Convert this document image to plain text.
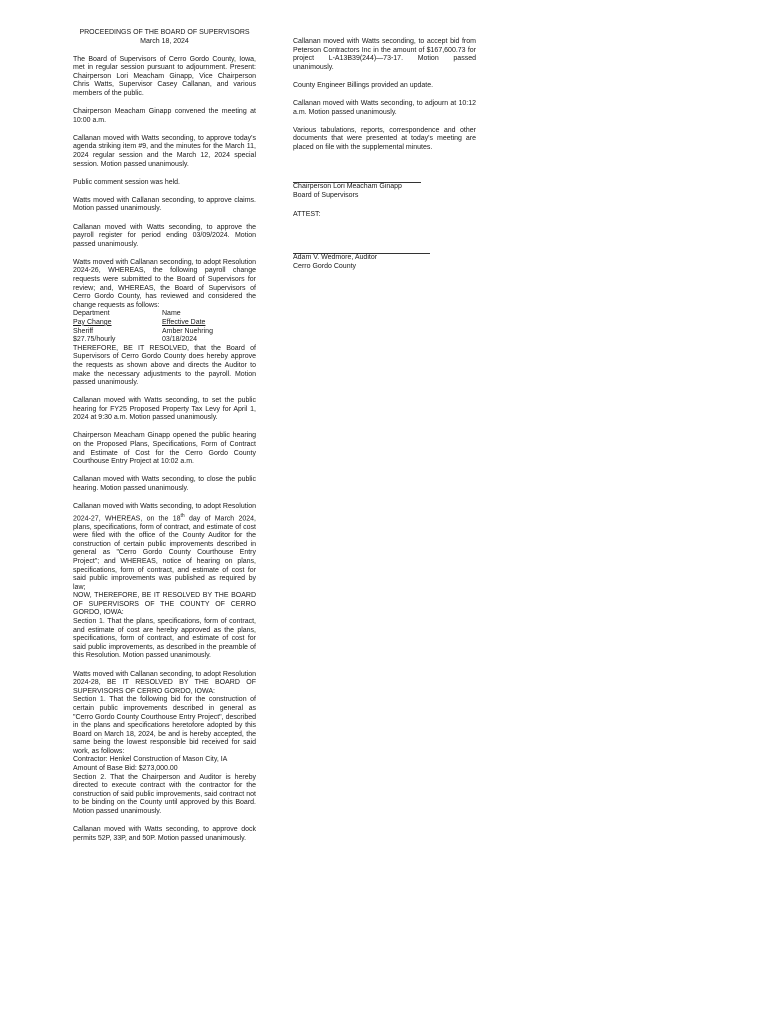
PROCEEDINGS OF THE BOARD OF SUPERVISORS
March 18, 2024

The Board of Supervisors of Cerro Gordo County, Iowa, met in regular session pursuant to adjournment. Present: Chairperson Lori Meacham Ginapp, Vice Chairperson Chris Watts, Supervisor Casey Callanan, and various members of the public.

Chairperson Meacham Ginapp convened the meeting at 10:00 a.m.

Callanan moved with Watts seconding, to approve today's agenda striking item #9, and the minutes for the March 11, 2024 regular session and the March 12, 2024 special session. Motion passed unanimously.

Public comment session was held.

Watts moved with Callanan seconding, to approve claims. Motion passed unanimously.

Callanan moved with Watts seconding, to approve the payroll register for period ending 03/09/2024. Motion passed unanimously.

Watts moved with Callanan seconding, to adopt Resolution 2024-26, WHEREAS, the following payroll change requests were submitted to the Board of Supervisors for review; and, WHEREAS, the Board of Supervisors of Cerro Gordo County, has reviewed and considered the change requests as follows:

Department	Name
Pay Change	Effective Date
Sheriff	Amber Nuehring
$27.75/hourly	03/18/2024

THEREFORE, BE IT RESOLVED, that the Board of Supervisors of Cerro Gordo County does hereby approve the requests as shown above and directs the Auditor to make the necessary adjustments to the payroll. Motion passed unanimously.

Callanan moved with Watts seconding, to set the public hearing for FY25 Proposed Property Tax Levy for April 1, 2024 at 9:30 a.m. Motion passed unanimously.

Chairperson Meacham Ginapp opened the public hearing on the Proposed Plans, Specifications, Form of Contract and Estimate of Cost for the Cerro Gordo County Courthouse Entry Project at 10:02 a.m.

Callanan moved with Watts seconding, to close the public hearing. Motion passed unanimously.

Callanan moved with Watts seconding, to adopt Resolution 2024-27, WHEREAS, on the 18th day of March 2024, plans, specifications, form of contract, and estimate of cost were filed with the office of the County Auditor for the construction of certain public improvements described in general as "Cerro Gordo County Courthouse Entry Project"; and WHEREAS, notice of hearing on plans, specifications, form of contract, and estimate of cost for said public improvements was published as required by law;

NOW, THEREFORE, BE IT RESOLVED BY THE BOARD OF SUPERVISORS OF THE COUNTY OF CERRO GORDO, IOWA:

Section 1. That the plans, specifications, form of contract, and estimate of cost are hereby approved as the plans, specifications, form of contract, and estimate of cost for said public improvements, as described in the preamble of this Resolution. Motion passed unanimously.

Watts moved with Callanan seconding, to adopt Resolution 2024-28, BE IT RESOLVED BY THE BOARD OF SUPERVISORS OF CERRO GORDO, IOWA:

Section 1. That the following bid for the construction of certain public improvements described in general as "Cerro Gordo County Courthouse Entry Project", described in the plans and specifications heretofore adopted by this Board on March 18, 2024, be and is hereby accepted, the same being the lowest responsible bid received for said work, as follows:

Contractor: Henkel Construction of Mason City, IA

Amount of Base Bid: $273,000.00

Section 2. That the Chairperson and Auditor is hereby directed to execute contract with the contractor for the construction of said public improvements, said contract not to be binding on the County until approved by this Board. Motion passed unanimously.

Callanan moved with Watts seconding, to approve dock permits 52P, 33P, and 50P. Motion passed unanimously.

Callanan moved with Watts seconding, to accept bid from Peterson Contractors Inc in the amount of $167,600.73 for project L-A13B39(244)—73-17. Motion passed unanimously.

County Engineer Billings provided an update.

Callanan moved with Watts seconding, to adjourn at 10:12 a.m. Motion passed unanimously.

Various tabulations, reports, correspondence and other documents that were presented at today's meeting are placed on file with the supplemental minutes.

Chairperson Lori Meacham Ginapp
Board of Supervisors
ATTEST:
Adam V. Wedmore, Auditor
Cerro Gordo County
